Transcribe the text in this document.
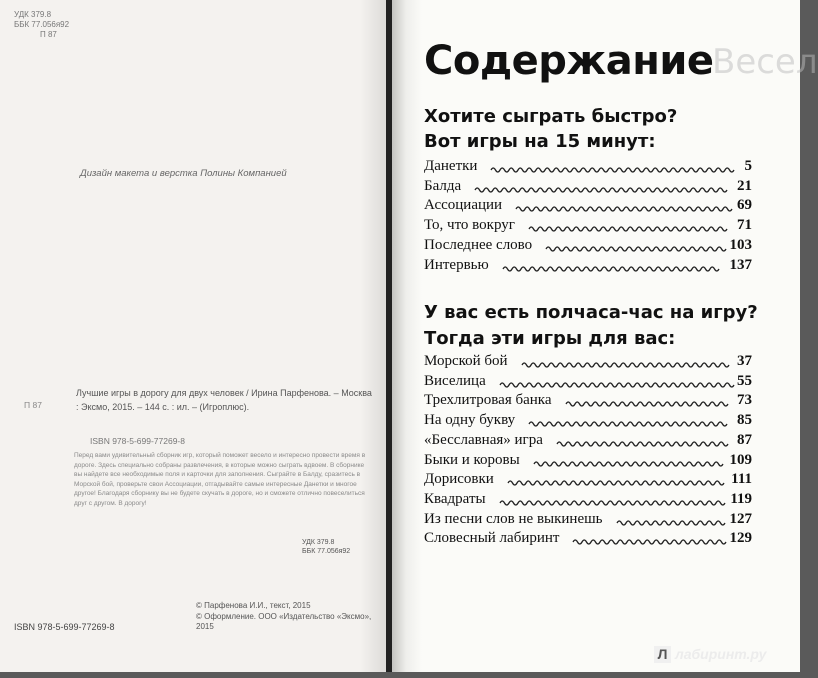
УДК 379.8
ББК 77.056я92
П 87
Дизайн макета и верстка Полины Компанией
П 87
Лучшие игры в дорогу для двух человек / Ирина Парфенова. – Москва : Эксмо, 2015. – 144 с. : ил. – (Игроплюс).
ISBN 978-5-699-77269-8
Перед вами удивительный сборник игр, который поможет весело и интересно провести время в дороге. Здесь специально собраны развлечения, в которые можно сыграть вдвоем. В сборнике вы найдете все необходимые поля и карточки для заполнения. Сыграйте в Балду, сразитесь в Морской бой, проверьте свои Ассоциации, отгадывайте самые интересные Данетки и многое другое! Благодаря сборнику вы не будете скучать в дороге, но и сможете отлично повеселиться друг с другом. В дорогу!
УДК 379.8
ББК 77.056я92
© Парфенова И.И., текст, 2015
© Оформление. ООО «Издательство «Эксмо», 2015
ISBN 978-5-699-77269-8
Весел
Содержание
Хотите сыграть быстро?
Вот игры на 15 минут:
У вас есть полчаса-час на игру?
Тогда эти игры для вас:
Данетки	5
Балда	21
Ассоциации	69
То, что вокруг	71
Последнее слово	103
Интервью	137
Морской бой	37
Виселица	55
Трехлитровая банка	73
На одну букву	85
«Бесславная» игра	87
Быки и коровы	109
Дорисовки	111
Квадраты	119
Из песни слов не выкинешь	127
Словесный лабиринт	129
Л лабиринт.ру
